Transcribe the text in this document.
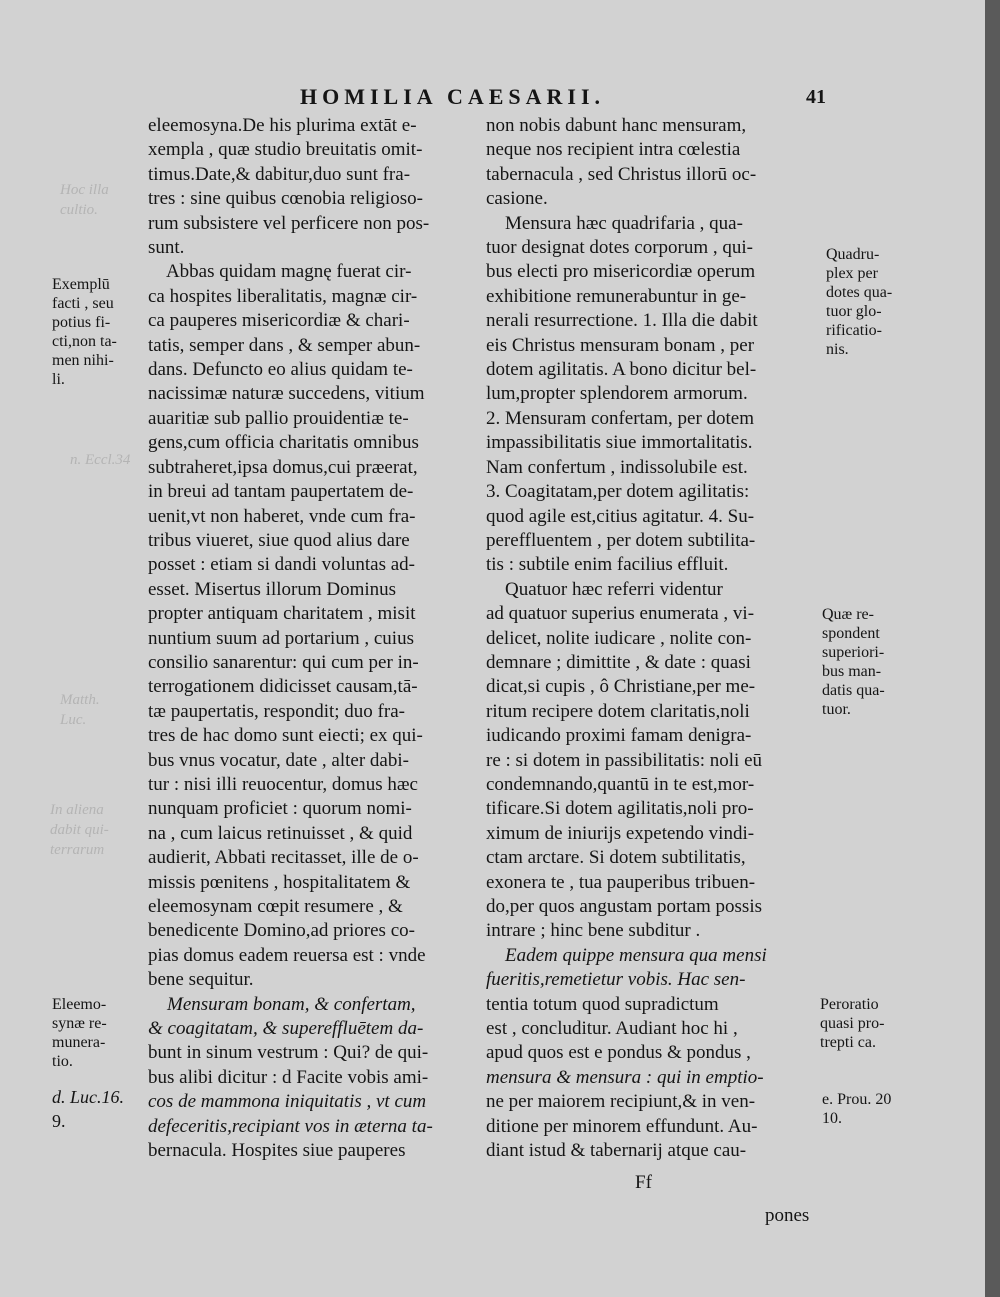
Hoc illa
cultio.
n. Eccl.34
Matth.
Luc.
In aliena
dabit qui-
terrarum
HOMILIA CAESARII.	41

Exemplū

facti , seu

potius fi-

cti,non ta-

men nihi-

li.

Eleemo-

synæ re-

munera-

tio.

d. Luc.16.

9.

eleemosyna.De his plurima extāt e-

xempla , quæ studio breuitatis omit-

timus.Date,& dabitur,duo sunt fra-

tres : sine quibus cœnobia religioso-

rum subsistere vel perficere non pos-

sunt.

Abbas quidam magnę fuerat cir-

ca hospites liberalitatis, magnæ cir-

ca pauperes misericordiæ & chari-

tatis, semper dans , & semper abun-

dans. Defuncto eo alius quidam te-

nacissimæ naturæ succedens, vitium

auaritiæ sub pallio prouidentiæ te-

gens,cum officia charitatis omnibus

subtraheret,ipsa domus,cui præerat,

in breui ad tantam paupertatem de-

uenit,vt non haberet, vnde cum fra-

tribus viueret, siue quod alius dare

posset : etiam si dandi voluntas ad-

esset. Misertus illorum Dominus

propter antiquam charitatem , misit

nuntium suum ad portarium , cuius

consilio sanarentur: qui cum per in-

terrogationem didicisset causam,tā-

tæ paupertatis, respondit; duo fra-

tres de hac domo sunt eiecti; ex qui-

bus vnus vocatur, date , alter dabi-

tur : nisi illi reuocentur, domus hæc

nunquam proficiet : quorum nomi-

na , cum laicus retinuisset , & quid

audierit, Abbati recitasset, ille de o-

missis pœnitens , hospitalitatem &

eleemosynam cœpit resumere , &

benedicente Domino,ad priores co-

pias domus eadem reuersa est : vnde

bene sequitur.

Mensuram bonam, & confertam,

& coagitatam, & supereffluētem da-

bunt in sinum vestrum : Qui? de qui-

bus alibi dicitur : d Facite vobis ami-

cos de mammona iniquitatis , vt cum

defeceritis,recipiant vos in æterna ta-

bernacula. Hospites siue pauperes

non nobis dabunt hanc mensuram,

neque nos recipient intra cœlestia

tabernacula , sed Christus illorū oc-

casione.

Mensura hæc quadrifaria , qua-

tuor designat dotes corporum , qui-

bus electi pro misericordiæ operum

exhibitione remunerabuntur in ge-

nerali resurrectione. 1. Illa die dabit

eis Christus mensuram bonam , per

dotem agilitatis. A bono dicitur bel-

lum,propter splendorem armorum.

2. Mensuram confertam, per dotem

impassibilitatis siue immortalitatis.

Nam confertum , indissolubile est.

3. Coagitatam,per dotem agilitatis:

quod agile est,citius agitatur. 4. Su-

pereffluentem , per dotem subtilita-

tis : subtile enim facilius effluit.

Quatuor hæc referri videntur

ad quatuor superius enumerata , vi-

delicet, nolite iudicare , nolite con-

demnare ; dimittite , & date : quasi

dicat,si cupis , ô Christiane,per me-

ritum recipere dotem claritatis,noli

iudicando proximi famam denigra-

re : si dotem in passibilitatis: noli eū

condemnando,quantū in te est,mor-

tificare.Si dotem agilitatis,noli pro-

ximum de iniurijs expetendo vindi-

ctam arctare. Si dotem subtilitatis,

exonera te , tua pauperibus tribuen-

do,per quos angustam portam possis

intrare ; hinc bene subditur .

Eadem quippe mensura qua mensi

fueritis,remetietur vobis. Hac sen-

tentia totum quod supradictum

est , concluditur. Audiant hoc hi ,

apud quos est e pondus & pondus ,

mensura & mensura : qui in emptio-

ne per maiorem recipiunt,& in ven-

ditione per minorem effundunt. Au-

diant istud & tabernarij atque cau-

Quadru-

plex per

dotes qua-

tuor glo-

rificatio-

nis.

Quæ re-

spondent

superiori-

bus man-

datis qua-

tuor.

Peroratio

quasi pro-

trepti ca.

e. Prou. 20

10.

Ff
pones
